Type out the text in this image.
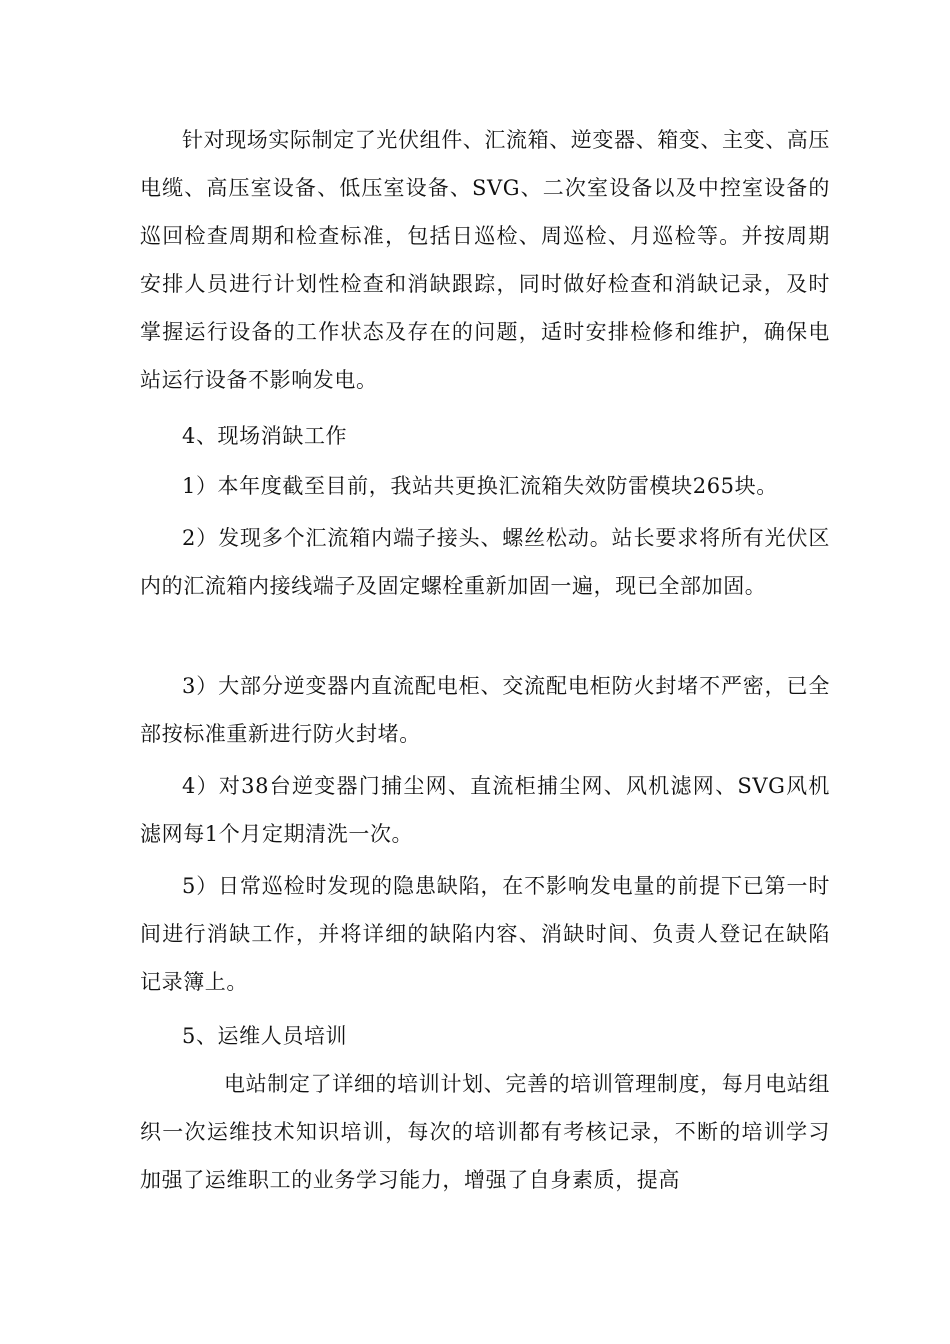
针对现场实际制定了光伏组件、汇流箱、逆变器、箱变、主变、高压电缆、高压室设备、低压室设备、SVG、二次室设备以及中控室设备的巡回检查周期和检查标准，包括日巡检、周巡检、月巡检等。并按周期安排人员进行计划性检查和消缺跟踪，同时做好检查和消缺记录，及时掌握运行设备的工作状态及存在的问题，适时安排检修和维护，确保电站运行设备不影响发电。

4、现场消缺工作

1）本年度截至目前，我站共更换汇流箱失效防雷模块265块。

2）发现多个汇流箱内端子接头、螺丝松动。站长要求将所有光伏区内的汇流箱内接线端子及固定螺栓重新加固一遍，现已全部加固。

3）大部分逆变器内直流配电柜、交流配电柜防火封堵不严密，已全部按标准重新进行防火封堵。

4）对38台逆变器门捕尘网、直流柜捕尘网、风机滤网、SVG风机滤网每1个月定期清洗一次。

5）日常巡检时发现的隐患缺陷，在不影响发电量的前提下已第一时间进行消缺工作，并将详细的缺陷内容、消缺时间、负责人登记在缺陷记录簿上。

5、运维人员培训

电站制定了详细的培训计划、完善的培训管理制度，每月电站组织一次运维技术知识培训，每次的培训都有考核记录，不断的培训学习加强了运维职工的业务学习能力，增强了自身素质，提高
